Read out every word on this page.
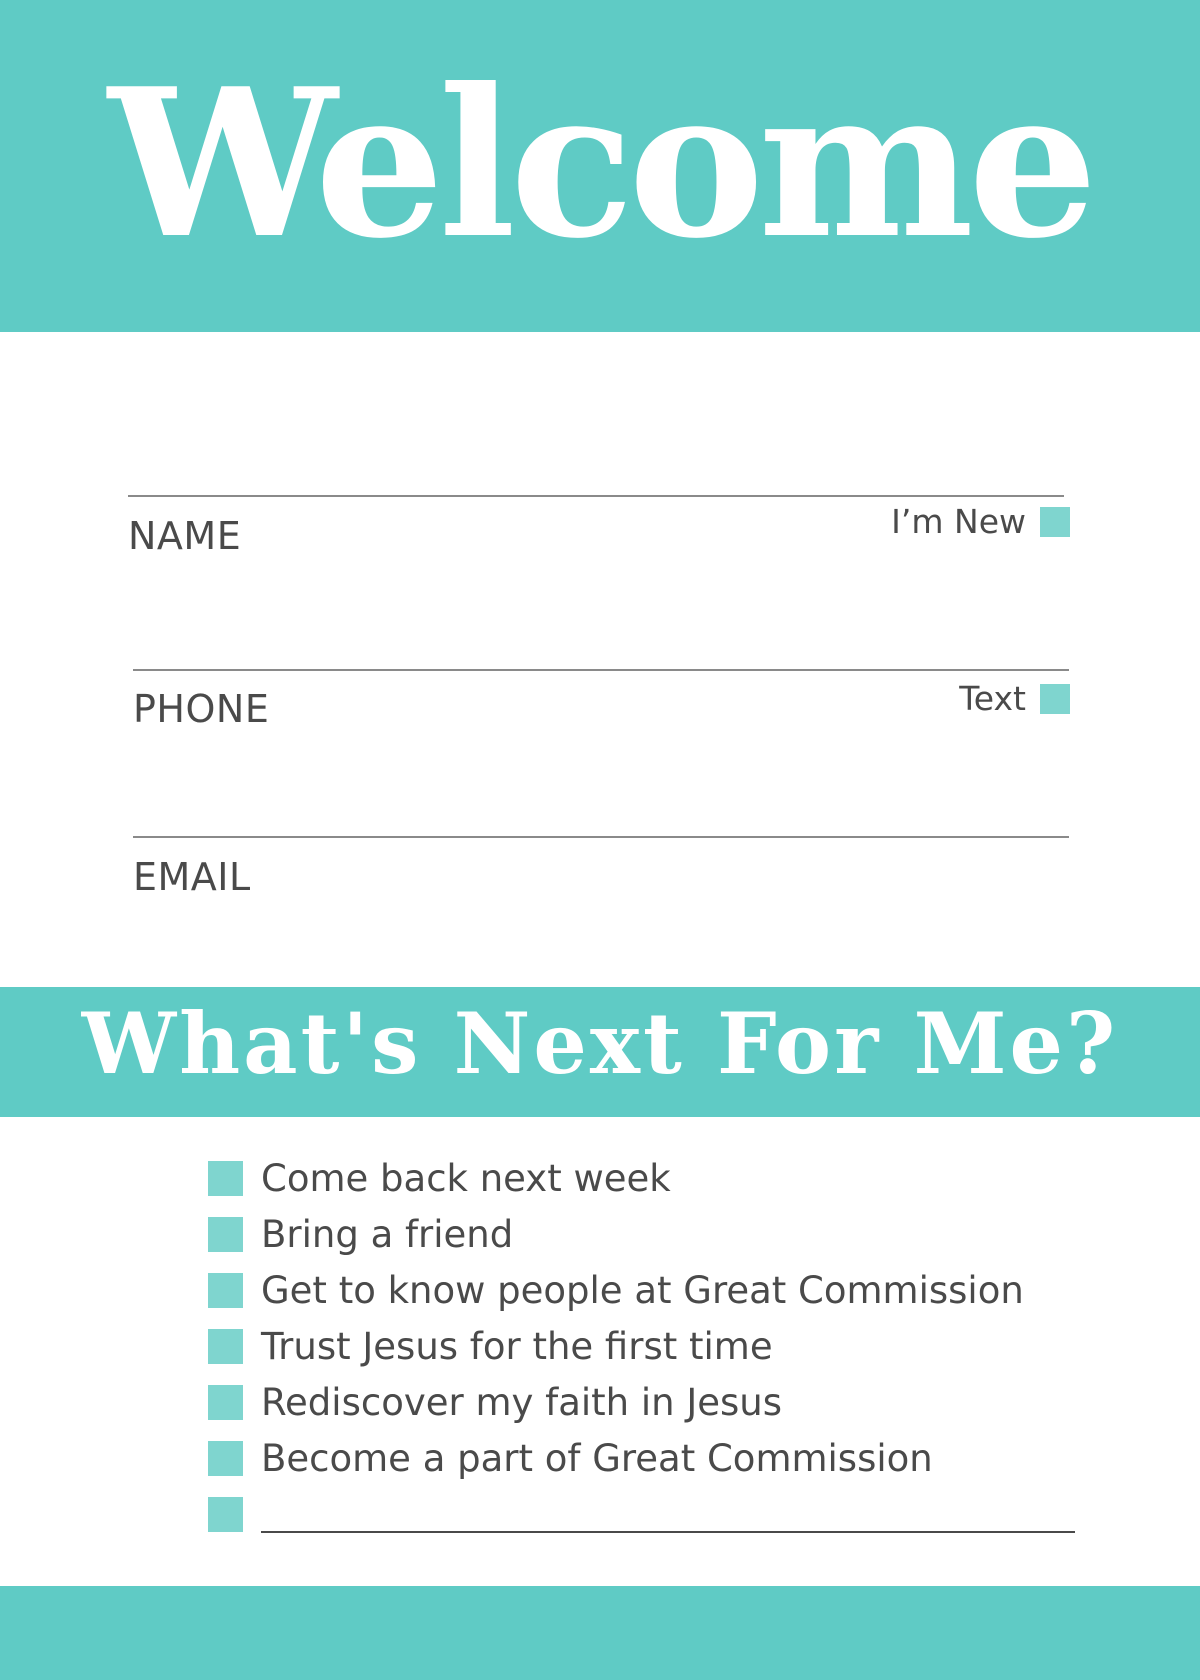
Welcome
NAME	I’m New
PHONE	Text
EMAIL
What's Next For Me?
Come back next week
Bring a friend
Get to know people at Great Commission
Trust Jesus for the first time
Rediscover my faith in Jesus
Become a part of Great Commission
